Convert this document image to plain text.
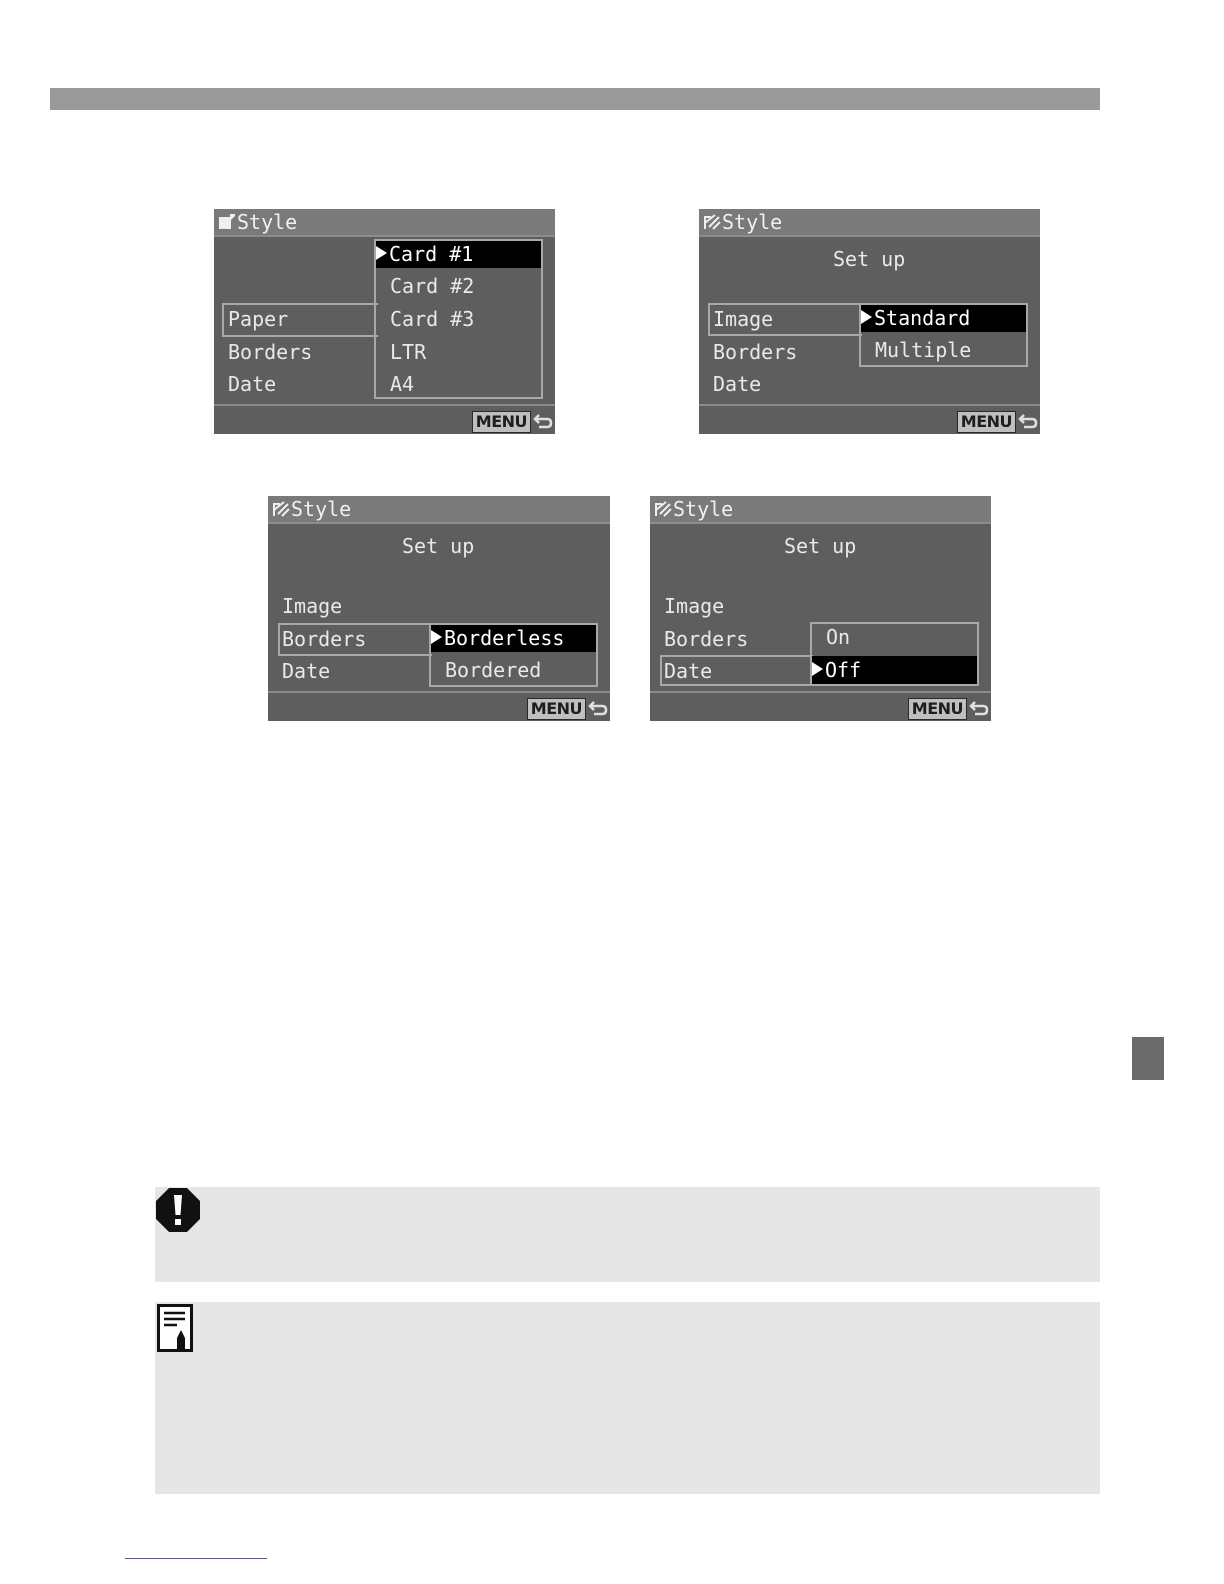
Style
Paper
Borders
Date
Card #1
Card #2
Card #3
LTR
A4
MENU
Style
Set up
Image
Borders
Date
Standard
Multiple
MENU
Style
Set up
Image
Borders
Date
Borderless
Bordered
MENU
Style
Set up
Image
Borders
Date
On
Off
MENU
